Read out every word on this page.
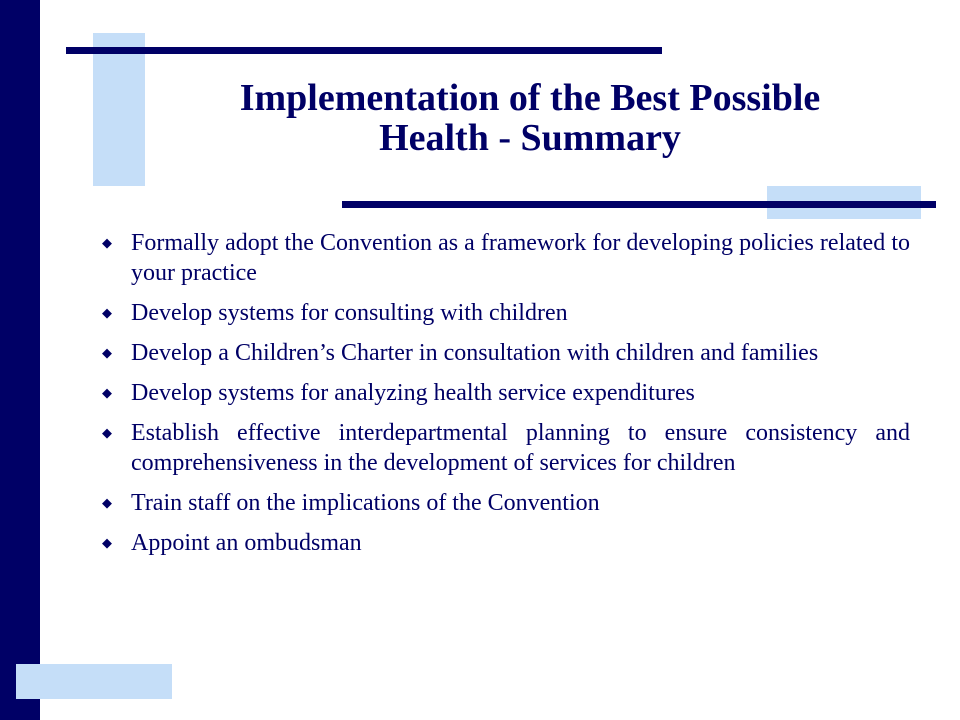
Implementation of the Best Possible
Health - Summary
◆ Formally adopt the Convention as a framework for developing policies related to your practice
◆ Develop systems for consulting with children
◆ Develop a Children’s Charter in consultation with children and families
◆ Develop systems for analyzing health service expenditures
◆ Establish effective interdepartmental planning to ensure consistency and comprehensiveness in the development of services for children
◆ Train staff on the implications of the Convention
◆ Appoint an ombudsman
